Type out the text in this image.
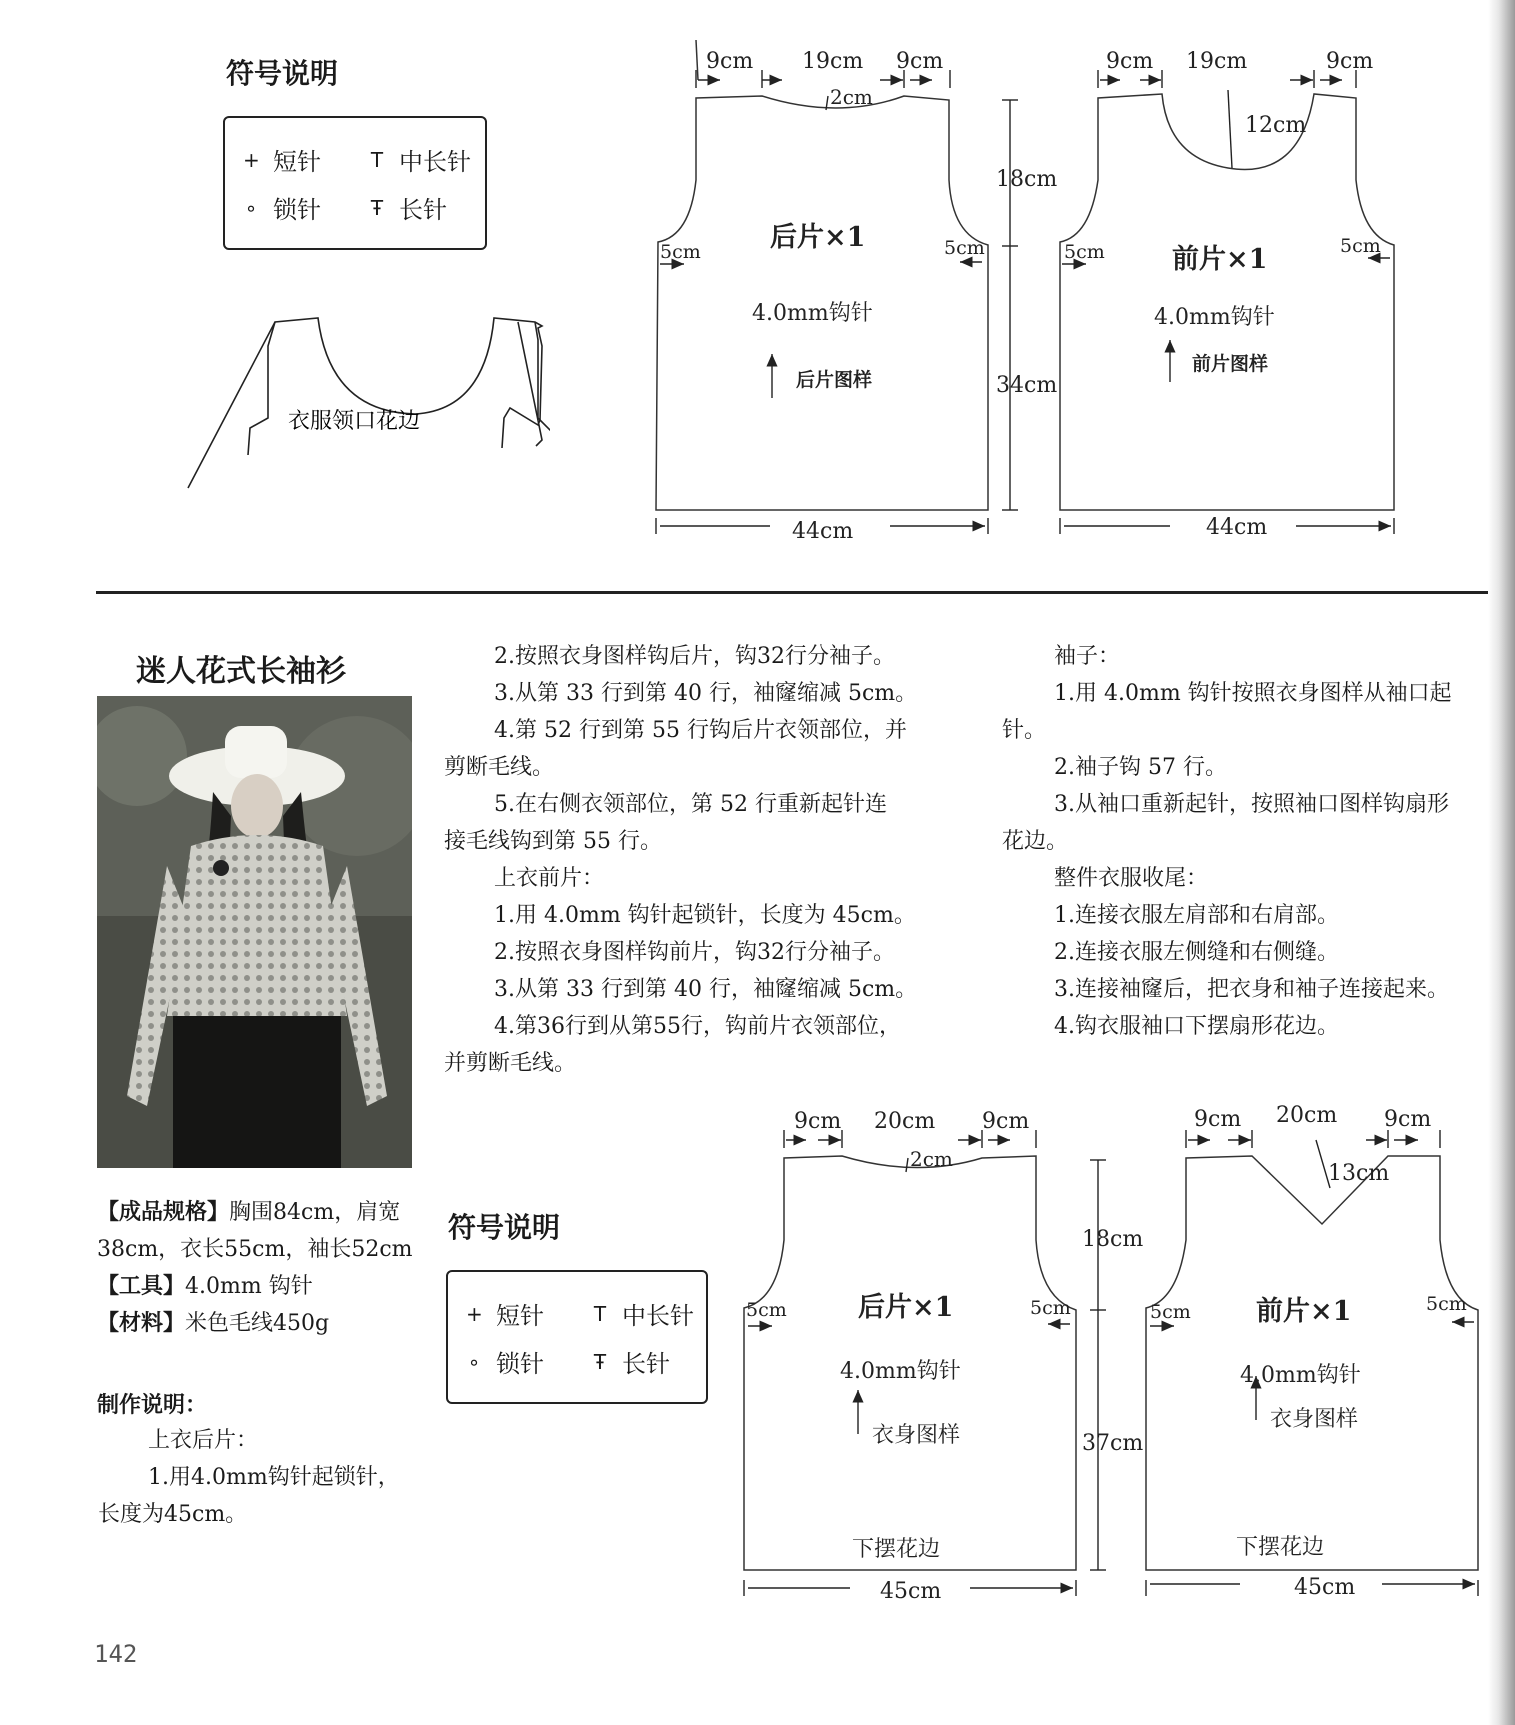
符号说明
+ 短针 T 中长针
∘ 锁针 Ŧ 长针
衣服领口花边
9cm 19cm 9cm
2cm
5cm	5cm
后片×1
4.0mm钩针
后片图样
44cm
9cm 19cm	9cm
12cm
5cm	5cm
前片×1
4.0mm钩针
前片图样
44cm
18cm
34cm
迷人花式长袖衫
【成品规格】胸围84cm，肩宽
38cm，衣长55cm，袖长52cm
【工具】4.0mm 钩针
【材料】米色毛线450g
制作说明：
上衣后片：
1.用4.0mm钩针起锁针，
长度为45cm。
2.按照衣身图样钩后片，钩32行分袖子。
3.从第 33 行到第 40 行，袖窿缩减 5cm。
4.第 52 行到第 55 行钩后片衣领部位，并
剪断毛线。
5.在右侧衣领部位，第 52 行重新起针连
接毛线钩到第 55 行。
上衣前片：
1.用 4.0mm 钩针起锁针，长度为 45cm。
2.按照衣身图样钩前片，钩32行分袖子。
3.从第 33 行到第 40 行，袖窿缩减 5cm。
4.第36行到从第55行，钩前片衣领部位，
并剪断毛线。
袖子：
1.用 4.0mm 钩针按照衣身图样从袖口起
针。
2.袖子钩 57 行。
3.从袖口重新起针，按照袖口图样钩扇形
花边。
整件衣服收尾：
1.连接衣服左肩部和右肩部。
2.连接衣服左侧缝和右侧缝。
3.连接袖窿后，把衣身和袖子连接起来。
4.钩衣服袖口下摆扇形花边。
符号说明
+ 短针 T 中长针
∘ 锁针 Ŧ 长针
9cm 20cm 9cm
2cm
5cm	5cm
后片×1
4.0mm钩针
衣身图样
下摆花边
45cm
9cm 20cm 9cm
13cm
5cm	5cm
前片×1
4.0mm钩针
衣身图样
下摆花边
45cm
18cm
37cm
142
